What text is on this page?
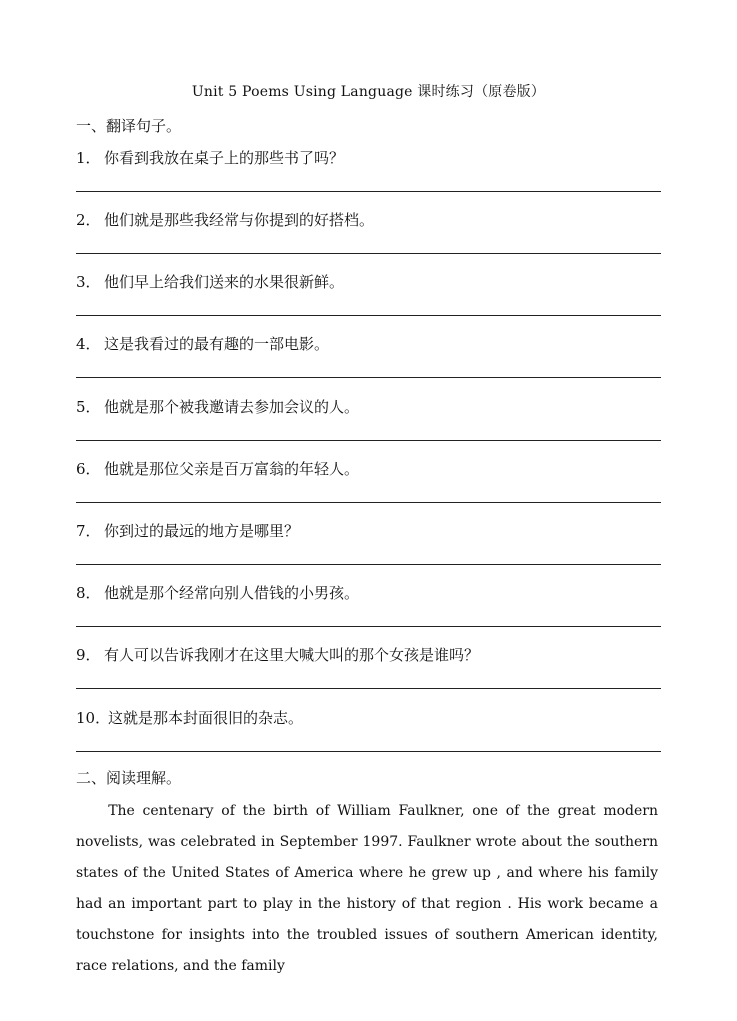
Unit 5 Poems Using Language 课时练习（原卷版）
一、翻译句子。
1． 你看到我放在桌子上的那些书了吗？
2． 他们就是那些我经常与你提到的好搭档。
3． 他们早上给我们送来的水果很新鲜。
4． 这是我看过的最有趣的一部电影。
5． 他就是那个被我邀请去参加会议的人。
6． 他就是那位父亲是百万富翁的年轻人。
7． 你到过的最远的地方是哪里？
8． 他就是那个经常向别人借钱的小男孩。
9． 有人可以告诉我刚才在这里大喊大叫的那个女孩是谁吗？
10．这就是那本封面很旧的杂志。
二、阅读理解。

The centenary of the birth of William Faulkner, one of the great modern novelists, was celebrated in September 1997. Faulkner wrote about the southern states of the United States of America where he grew up , and where his family had an important part to play in the history of that region . His work became a touchstone for insights into the troubled issues of southern American identity, race relations, and the family
